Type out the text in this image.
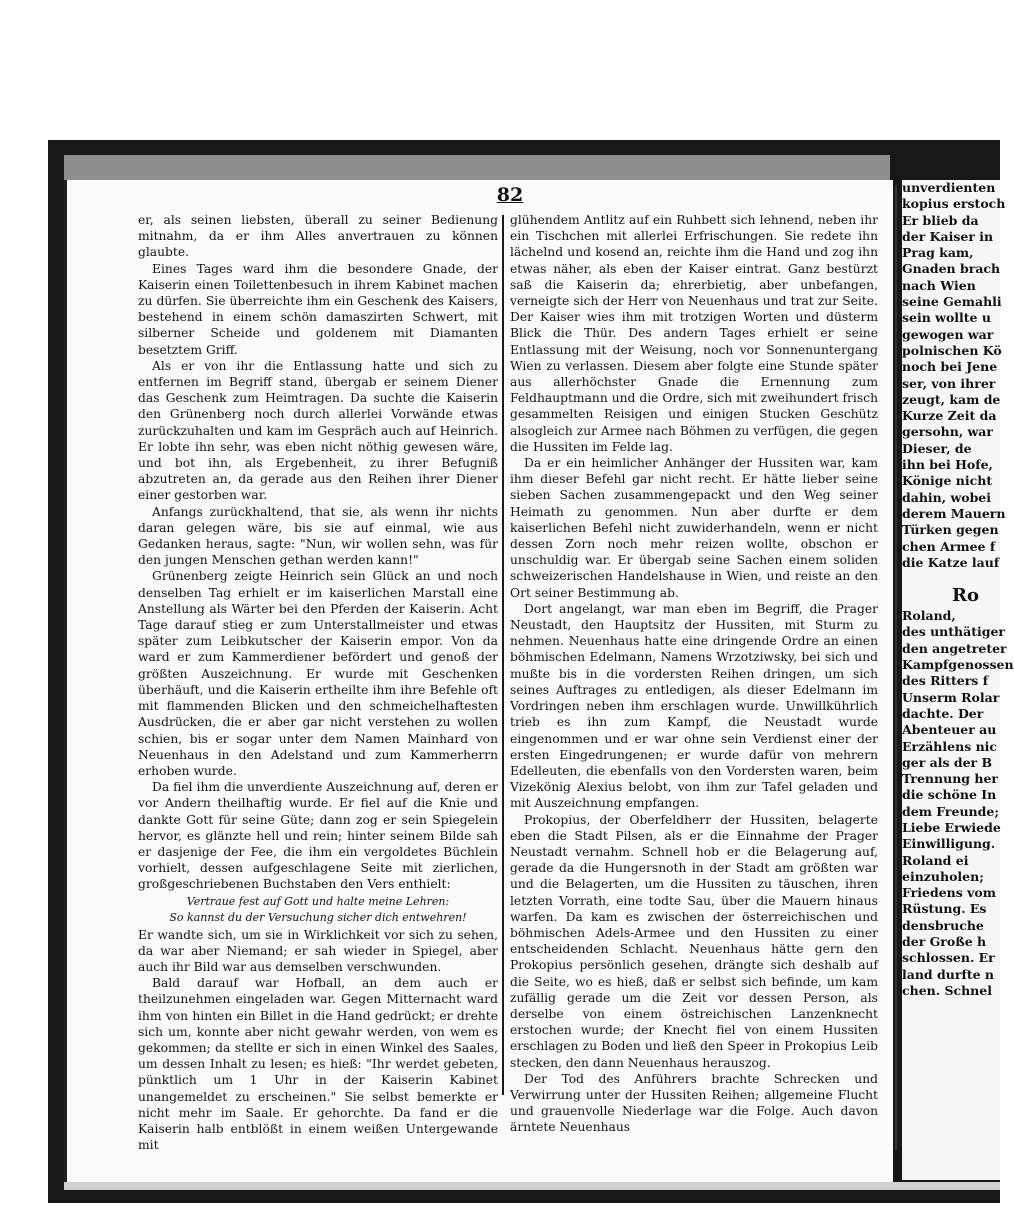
unverdienten
kopius erstoch
Er blieb da
der Kaiser in
Prag kam,
Gnaden brach
nach Wien
seine Gemahli
sein wollte u
gewogen war
polnischen Kö
noch bei Jene
ser, von ihrer
zeugt, kam de
Kurze Zeit da
gersohn, war
Dieser, de
ihn bei Hofe,
Könige nicht
dahin, wobei
derem Mauern
Türken gegen
chen Armee f
die Katze lauf
Ro
Roland,
des unthätiger
den angetreter
Kampfgenossen
des Ritters f
Unserm Rolar
dachte. Der
Abenteuer au
Erzählens nic
ger als der B
Trennung her
die schöne In
dem Freunde;
Liebe Erwiede
Einwilligung.
Roland ei
einzuholen;
Friedens vom
Rüstung. Es
densbruche
der Große h
schlossen. Er
land durfte n
chen. Schnel
82

er, als seinen liebsten, überall zu seiner Bedienung mitnahm, da er ihm Alles anvertrauen zu können glaubte.

Eines Tages ward ihm die besondere Gnade, der Kaiserin einen Toilettenbesuch in ihrem Kabinet machen zu dürfen. Sie überreichte ihm ein Geschenk des Kaisers, bestehend in einem schön damaszirten Schwert, mit silberner Scheide und goldenem mit Diamanten besetztem Griff.

Als er von ihr die Entlassung hatte und sich zu entfernen im Begriff stand, übergab er seinem Diener das Geschenk zum Heimtragen. Da suchte die Kaiserin den Grünenberg noch durch allerlei Vorwände etwas zurückzuhalten und kam im Gespräch auch auf Heinrich. Er lobte ihn sehr, was eben nicht nöthig gewesen wäre, und bot ihn, als Ergebenheit, zu ihrer Befugniß abzutreten an, da gerade aus den Reihen ihrer Diener einer gestorben war.

Anfangs zurückhaltend, that sie, als wenn ihr nichts daran gelegen wäre, bis sie auf einmal, wie aus Gedanken heraus, sagte: "Nun, wir wollen sehn, was für den jungen Menschen gethan werden kann!"

Grünenberg zeigte Heinrich sein Glück an und noch denselben Tag erhielt er im kaiserlichen Marstall eine Anstellung als Wärter bei den Pferden der Kaiserin. Acht Tage darauf stieg er zum Unterstallmeister und etwas später zum Leibkutscher der Kaiserin empor. Von da ward er zum Kammerdiener befördert und genoß der größten Auszeichnung. Er wurde mit Geschenken überhäuft, und die Kaiserin ertheilte ihm ihre Befehle oft mit flammenden Blicken und den schmeichelhaftesten Ausdrücken, die er aber gar nicht verstehen zu wollen schien, bis er sogar unter dem Namen Mainhard von Neuenhaus in den Adelstand und zum Kammerherrn erhoben wurde.

Da fiel ihm die unverdiente Auszeichnung auf, deren er vor Andern theilhaftig wurde. Er fiel auf die Knie und dankte Gott für seine Güte; dann zog er sein Spiegelein hervor, es glänzte hell und rein; hinter seinem Bilde sah er dasjenige der Fee, die ihm ein vergoldetes Büchlein vorhielt, dessen aufgeschlagene Seite mit zierlichen, großgeschriebenen Buchstaben den Vers enthielt:

Vertraue fest auf Gott und halte meine Lehren:
So kannst du der Versuchung sicher dich entwehren!

Er wandte sich, um sie in Wirklichkeit vor sich zu sehen, da war aber Niemand; er sah wieder in Spiegel, aber auch ihr Bild war aus demselben verschwunden.

Bald darauf war Hofball, an dem auch er theilzunehmen eingeladen war. Gegen Mitternacht ward ihm von hinten ein Billet in die Hand gedrückt; er drehte sich um, konnte aber nicht gewahr werden, von wem es gekommen; da stellte er sich in einen Winkel des Saales, um dessen Inhalt zu lesen; es hieß: "Ihr werdet gebeten, pünktlich um 1 Uhr in der Kaiserin Kabinet unangemeldet zu erscheinen." Sie selbst bemerkte er nicht mehr im Saale. Er gehorchte. Da fand er die Kaiserin halb entblößt in einem weißen Untergewande mit

glühendem Antlitz auf ein Ruhbett sich lehnend, neben ihr ein Tischchen mit allerlei Erfrischungen. Sie redete ihn lächelnd und kosend an, reichte ihm die Hand und zog ihn etwas näher, als eben der Kaiser eintrat. Ganz bestürzt saß die Kaiserin da; ehrerbietig, aber unbefangen, verneigte sich der Herr von Neuenhaus und trat zur Seite. Der Kaiser wies ihm mit trotzigen Worten und düsterm Blick die Thür. Des andern Tages erhielt er seine Entlassung mit der Weisung, noch vor Sonnenuntergang Wien zu verlassen. Diesem aber folgte eine Stunde später aus allerhöchster Gnade die Ernennung zum Feldhauptmann und die Ordre, sich mit zweihundert frisch gesammelten Reisigen und einigen Stucken Geschütz alsogleich zur Armee nach Böhmen zu verfügen, die gegen die Hussiten im Felde lag.

Da er ein heimlicher Anhänger der Hussiten war, kam ihm dieser Befehl gar nicht recht. Er hätte lieber seine sieben Sachen zusammengepackt und den Weg seiner Heimath zu genommen. Nun aber durfte er dem kaiserlichen Befehl nicht zuwiderhandeln, wenn er nicht dessen Zorn noch mehr reizen wollte, obschon er unschuldig war. Er übergab seine Sachen einem soliden schweizerischen Handelshause in Wien, und reiste an den Ort seiner Bestimmung ab.

Dort angelangt, war man eben im Begriff, die Prager Neustadt, den Hauptsitz der Hussiten, mit Sturm zu nehmen. Neuenhaus hatte eine dringende Ordre an einen böhmischen Edelmann, Namens Wrzotziwsky, bei sich und mußte bis in die vordersten Reihen dringen, um sich seines Auftrages zu entledigen, als dieser Edelmann im Vordringen neben ihm erschlagen wurde. Unwillkührlich trieb es ihn zum Kampf, die Neustadt wurde eingenommen und er war ohne sein Verdienst einer der ersten Eingedrungenen; er wurde dafür von mehrern Edelleuten, die ebenfalls von den Vordersten waren, beim Vizekönig Alexius belobt, von ihm zur Tafel geladen und mit Auszeichnung empfangen.

Prokopius, der Oberfeldherr der Hussiten, belagerte eben die Stadt Pilsen, als er die Einnahme der Prager Neustadt vernahm. Schnell hob er die Belagerung auf, gerade da die Hungersnoth in der Stadt am größten war und die Belagerten, um die Hussiten zu täuschen, ihren letzten Vorrath, eine todte Sau, über die Mauern hinaus warfen. Da kam es zwischen der österreichischen und böhmischen Adels-Armee und den Hussiten zu einer entscheidenden Schlacht. Neuenhaus hätte gern den Prokopius persönlich gesehen, drängte sich deshalb auf die Seite, wo es hieß, daß er selbst sich befinde, um kam zufällig gerade um die Zeit vor dessen Person, als derselbe von einem östreichischen Lanzenknecht erstochen wurde; der Knecht fiel von einem Hussiten erschlagen zu Boden und ließ den Speer in Prokopius Leib stecken, den dann Neuenhaus herauszog.

Der Tod des Anführers brachte Schrecken und Verwirrung unter der Hussiten Reihen; allgemeine Flucht und grauenvolle Niederlage war die Folge. Auch davon ärntete Neuenhaus
